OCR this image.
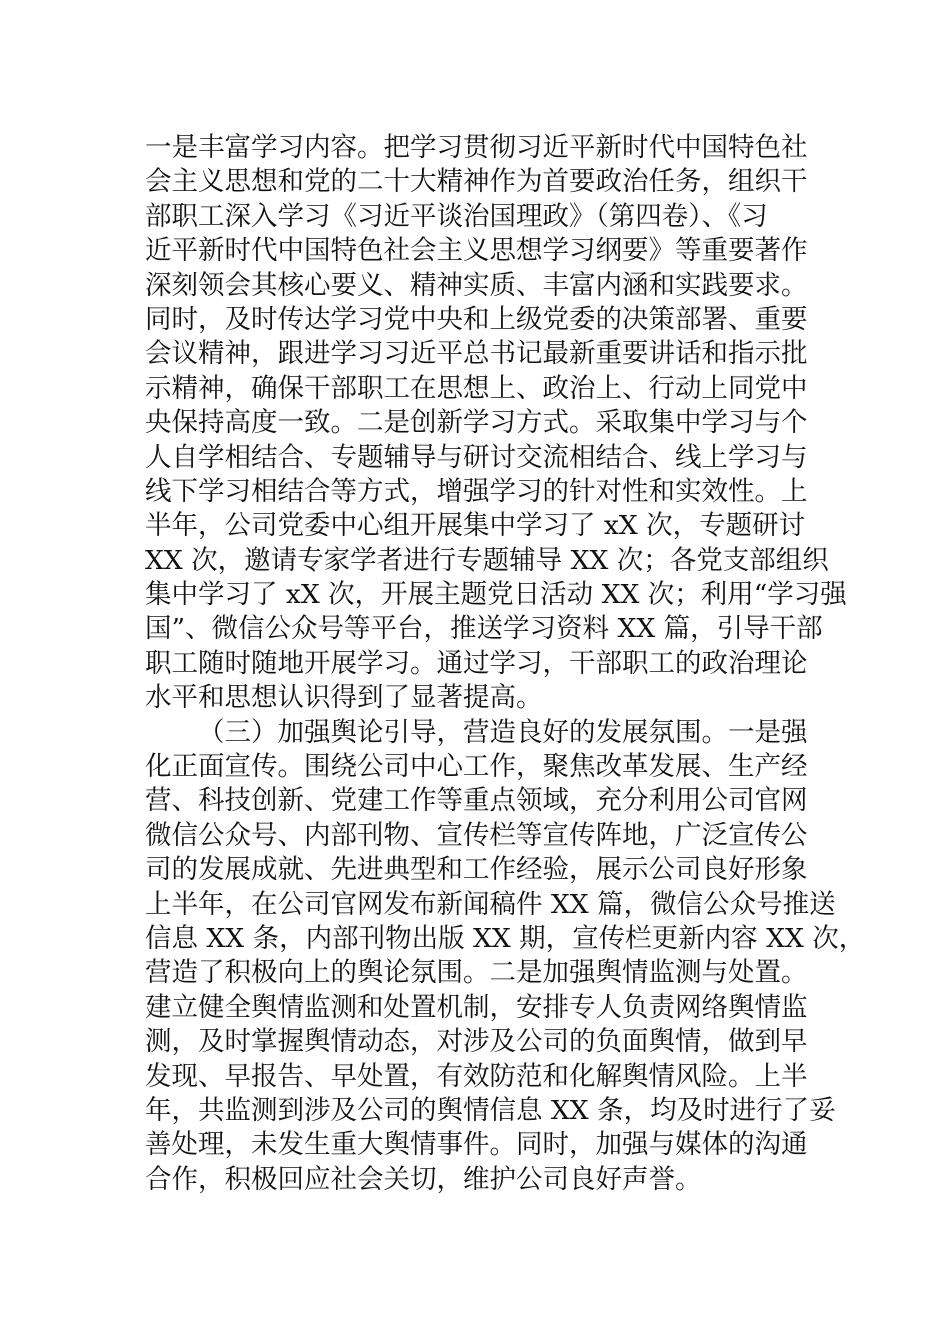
一是丰富学习内容。把学习贯彻习近平新时代中国特色社
会主义思想和党的二十大精神作为首要政治任务，组织干
部职工深入学习《习近平谈治国理政》（第四卷）、《习
近平新时代中国特色社会主义思想学习纲要》等重要著作
深刻领会其核心要义、精神实质、丰富内涵和实践要求。
同时，及时传达学习党中央和上级党委的决策部署、重要
会议精神，跟进学习习近平总书记最新重要讲话和指示批
示精神，确保干部职工在思想上、政治上、行动上同党中
央保持高度一致。二是创新学习方式。采取集中学习与个
人自学相结合、专题辅导与研讨交流相结合、线上学习与
线下学习相结合等方式，增强学习的针对性和实效性。上
半年，公司党委中心组开展集中学习了 xX 次，专题研讨
XX 次，邀请专家学者进行专题辅导 XX 次；各党支部组织
集中学习了 xX 次，开展主题党日活动 XX 次；利用“学习强
国”、微信公众号等平台，推送学习资料 XX 篇，引导干部
职工随时随地开展学习。通过学习，干部职工的政治理论
水平和思想认识得到了显著提高。
（三）加强舆论引导，营造良好的发展氛围。一是强
化正面宣传。围绕公司中心工作，聚焦改革发展、生产经
营、科技创新、党建工作等重点领域，充分利用公司官网
微信公众号、内部刊物、宣传栏等宣传阵地，广泛宣传公
司的发展成就、先进典型和工作经验，展示公司良好形象
上半年，在公司官网发布新闻稿件 XX 篇，微信公众号推送
信息 XX 条，内部刊物出版 XX 期，宣传栏更新内容 XX 次，
营造了积极向上的舆论氛围。二是加强舆情监测与处置。
建立健全舆情监测和处置机制，安排专人负责网络舆情监
测，及时掌握舆情动态，对涉及公司的负面舆情，做到早
发现、早报告、早处置，有效防范和化解舆情风险。上半
年，共监测到涉及公司的舆情信息 XX 条，均及时进行了妥
善处理，未发生重大舆情事件。同时，加强与媒体的沟通
合作，积极回应社会关切，维护公司良好声誉。
